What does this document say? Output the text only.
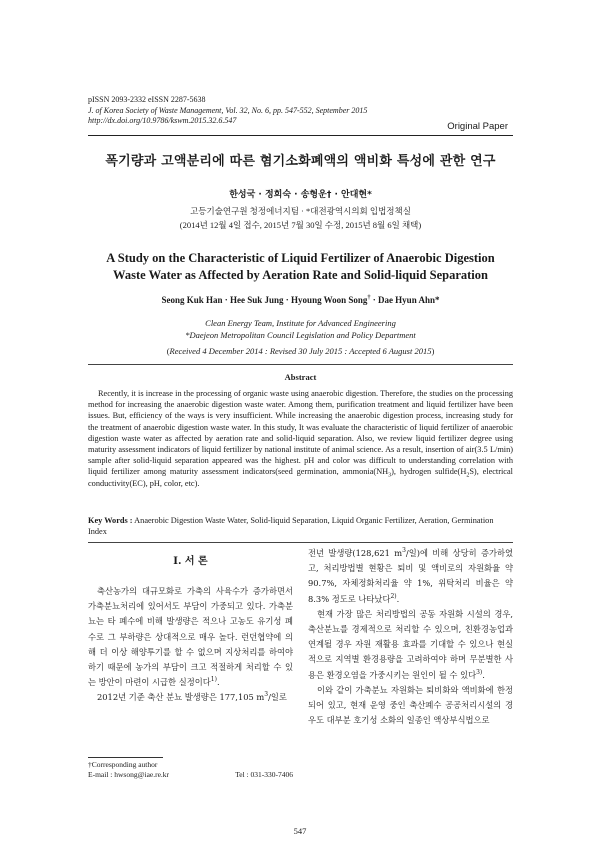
pISSN 2093-2332 eISSN 2287-5638
J. of Korea Society of Waste Management, Vol. 32, No. 6, pp. 547-552, September 2015
http://dx.doi.org/10.9786/kswm.2015.32.6.547
Original Paper
폭기량과 고액분리에 따른 혐기소화폐액의 액비화 특성에 관한 연구
한성국 · 정희숙 · 송형운† · 안대현*
고등기술연구원 청정에너지팀 · *대전광역시의회 입법정책실
(2014년 12월 4일 접수, 2015년 7월 30일 수정, 2015년 8월 6일 채택)
A Study on the Characteristic of Liquid Fertilizer of Anaerobic Digestion
Waste Water as Affected by Aeration Rate and Solid-liquid Separation
Seong Kuk Han · Hee Suk Jung · Hyoung Woon Song† · Dae Hyun Ahn*
Clean Energy Team, Institute for Advanced Engineering
*Daejeon Metropolitan Council Legislation and Policy Department
(Received 4 December 2014 : Revised 30 July 2015 : Accepted 6 August 2015)
Abstract

Recently, it is increase in the processing of organic waste using anaerobic digestion. Therefore, the studies on the processing method for increasing the anaerobic digestion waste water. Among them, purification treatment and liquid fertilizer have been issues. But, efficiency of the ways is very insufficient. While increasing the anaerobic digestion process, increasing study for the treatment of anaerobic digestion waste water. In this study, It was evaluate the characteristic of liquid fertilizer of anaerobic digestion waste water as affected by aeration rate and solid-liquid separation. Also, we review liquid fertilizer degree using maturity assessment indicators of liquid fertilizer by national institute of animal science. As a result, insertion of air(3.5 L/min) sample after solid-liquid separation appeared was the highest. pH and color was difficult to understanding correlation with liquid fertilizer among maturity assessment indicators(seed germination, $ammonia(NH_3)$, hydrogen $sulfide(H_2S)$, electrical conductivity(EC), pH, color, etc).

Key Words : Anaerobic Digestion Waste Water, Solid-liquid Separation, Liquid Organic Fertilizer, Aeration, Germination Index

I. 서 론

축산농가의 대규모화로 가축의 사육수가 증가하면서 가축분뇨처리에 있어서도 부담이 가중되고 있다. 가축분뇨는 타 폐수에 비해 발생량은 적으나 고농도 유기성 폐수로 그 부하량은 상대적으로 매우 높다. 런던협약에 의해 더 이상 해양투기를 할 수 없으며 지상처리를 하여야 하기 때문에 농가의 부담이 크고 적절하게 처리할 수 있는 방안이 마련이 시급한 실정이다$^{1)}$.

2012년 기준 축산 분뇨 발생량은 177,105 $m^3/$일로

전년 발생량(128,621 $m^3/$일)에 비해 상당히 증가하였고, 처리방법별 현황은 퇴비 및 액비로의 자원화율 약 90.7%, 자체정화처리율 약 1%, 위탁처리 비율은 약 8.3% 정도로 나타났다$^{2)}$.

현재 가장 많은 처리방법의 공동 자원화 시설의 경우, 축산분뇨를 경제적으로 처리할 수 있으며, 친환경농업과 연계될 경우 자원 재활용 효과를 기대할 수 있으나 현실적으로 지역별 환경용량을 고려하여야 하며 무분별한 사용은 환경오염을 가중시키는 원인이 될 수 있다$^{3)}$.

이와 같이 가축분뇨 자원화는 퇴비화와 액비화에 한정되어 있고, 현재 운영 중인 축산폐수 공공처리시설의 경우도 대부분 호기성 소화의 일종인 액상부식법으로

†Corresponding author
E-mail : hwsong@iae.re.kr	Tel : 031-330-7406
547
